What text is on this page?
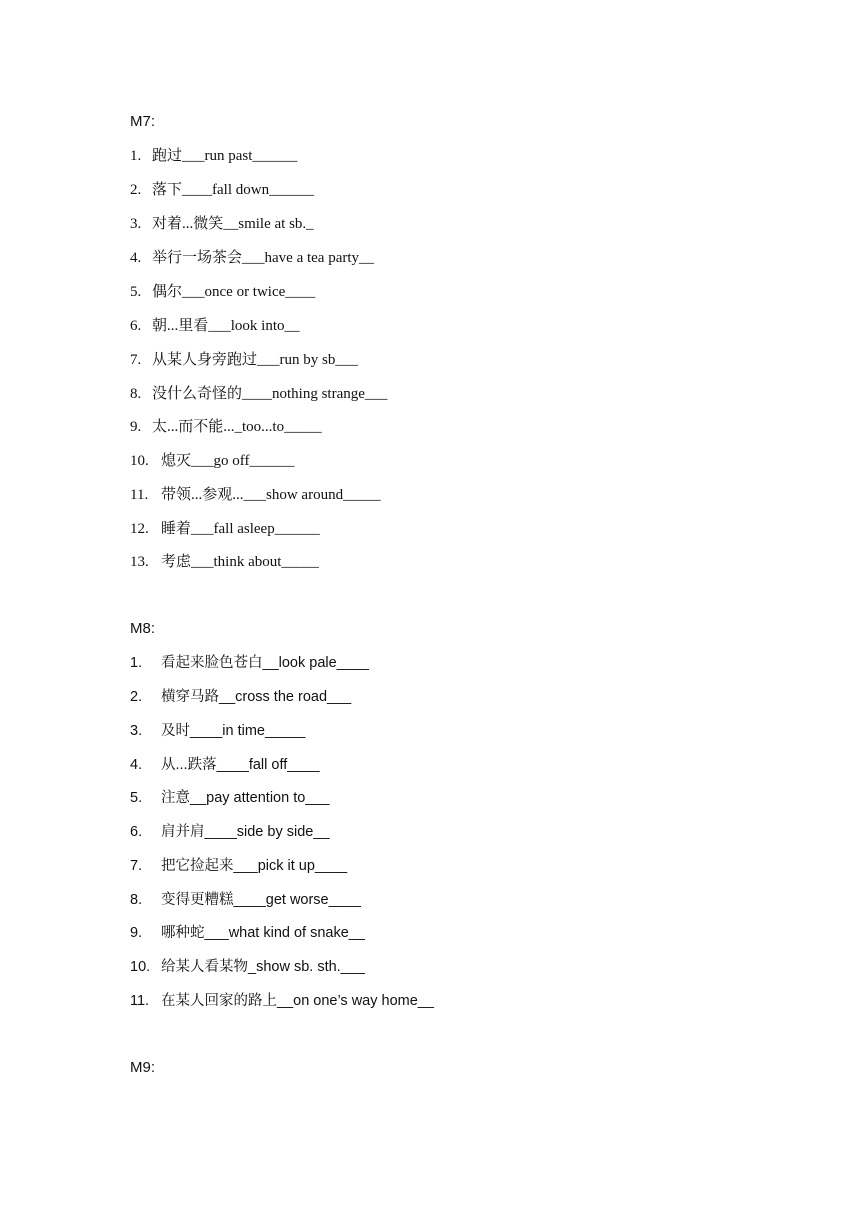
M7:
1. 跑过___run past______
2. 落下____fall down______
3. 对着...微笑__smile at sb._
4. 举行一场茶会___have a tea party__
5. 偶尔___once or twice____
6. 朝...里看___look into__
7. 从某人身旁跑过___run by sb___
8. 没什么奇怪的____nothing strange___
9. 太...而不能..._too...to_____
10. 熄灭___go off______
11. 带领...参观...___show around_____
12. 睡着___fall asleep______
13. 考虑___think about_____
M8:
1. 看起来脸色苍白__look pale____
2. 横穿马路__cross the road___
3. 及时____in time_____
4. 从...跌落____fall off____
5. 注意__pay attention to___
6. 肩并肩____side by side__
7. 把它捡起来___pick it up____
8. 变得更糟糕____get worse____
9. 哪种蛇___what kind of snake__
10. 给某人看某物_show sb. sth.___
11. 在某人回家的路上__on one’s way home__
M9:
